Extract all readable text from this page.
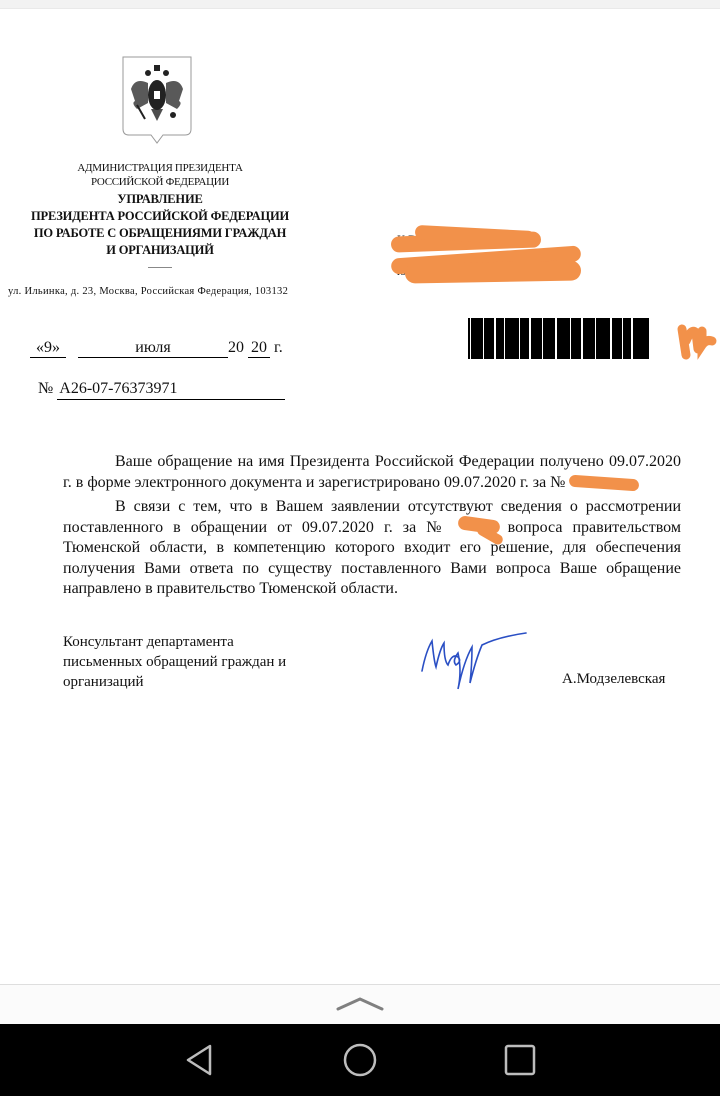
АДМИНИСТРАЦИЯ ПРЕЗИДЕНТА
РОССИЙСКОЙ ФЕДЕРАЦИИ
УПРАВЛЕНИЕ
ПРЕЗИДЕНТА РОССИЙСКОЙ ФЕДЕРАЦИИ
ПО РАБОТЕ С ОБРАЩЕНИЯМИ ГРАЖДАН
И ОРГАНИЗАЦИЙ
ул. Ильинка, д. 23, Москва, Российская Федерация, 103132
«9»	июля	20 20 г.
№ А26-07-76373971

Ваше обращение на имя Президента Российской Федерации получено 09.07.2020 г. в форме электронного документа и зарегистрировано 09.07.2020 г. за №

В связи с тем, что в Вашем заявлении отсутствуют сведения о рассмотрении поставленного в обращении от 09.07.2020 г. за №	вопроса правительством Тюменской области, в компетенцию которого входит его решение, для обеспечения получения Вами ответа по существу поставленного Вами вопроса Ваше обращение направлено в правительство Тюменской области.

Консультант департамента
письменных обращений граждан и
организаций	А.Модзелевская
